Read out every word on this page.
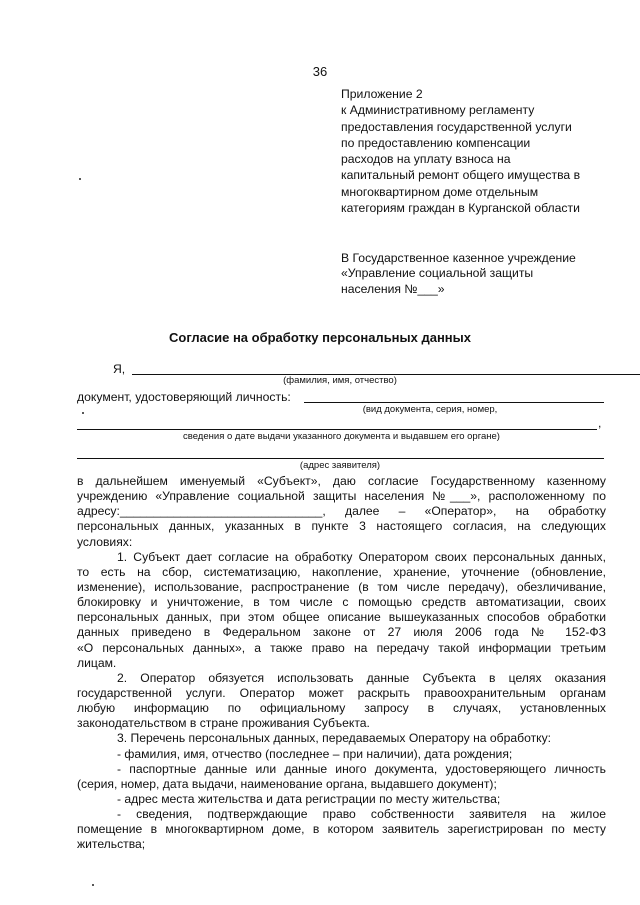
36
Приложение 2
к Административному регламенту
предоставления государственной услуги
по предоставлению компенсации
расходов на уплату взноса на
капитальный ремонт общего имущества в
многоквартирном доме отдельным
категориям граждан в Курганской области
В Государственное казенное учреждение
«Управление социальной защиты
населения №___»
Согласие на обработку персональных данных
Я,
(фамилия, имя, отчество)
документ, удостоверяющий личность:
(вид документа, серия, номер,
,
сведения о дате выдачи указанного документа и выдавшем его органе)
(адрес заявителя)
в дальнейшем именуемый «Субъект», даю согласие Государственному казенному
учреждению «Управление социальной защиты населения №___», расположенному по
адресу:______________________________, далее – «Оператор», на обработку
персональных данных, указанных в пункте 3 настоящего согласия, на следующих
условиях:
1. Субъект дает согласие на обработку Оператором своих персональных данных,
то есть на сбор, систематизацию, накопление, хранение, уточнение (обновление,
изменение), использование, распространение (в том числе передачу), обезличивание,
блокировку и уничтожение, в том числе с помощью средств автоматизации, своих
персональных данных, при этом общее описание вышеуказанных способов обработки
данных приведено в Федеральном законе от 27 июля 2006 года № 152-ФЗ
«О персональных данных», а также право на передачу такой информации третьим
лицам.
2. Оператор обязуется использовать данные Субъекта в целях оказания
государственной услуги. Оператор может раскрыть правоохранительным органам
любую информацию по официальному запросу в случаях, установленных
законодательством в стране проживания Субъекта.
3. Перечень персональных данных, передаваемых Оператору на обработку:
- фамилия, имя, отчество (последнее – при наличии), дата рождения;
- паспортные данные или данные иного документа, удостоверяющего личность
(серия, номер, дата выдачи, наименование органа, выдавшего документ);
- адрес места жительства и дата регистрации по месту жительства;
- сведения, подтверждающие право собственности заявителя на жилое
помещение в многоквартирном доме, в котором заявитель зарегистрирован по месту
жительства;
